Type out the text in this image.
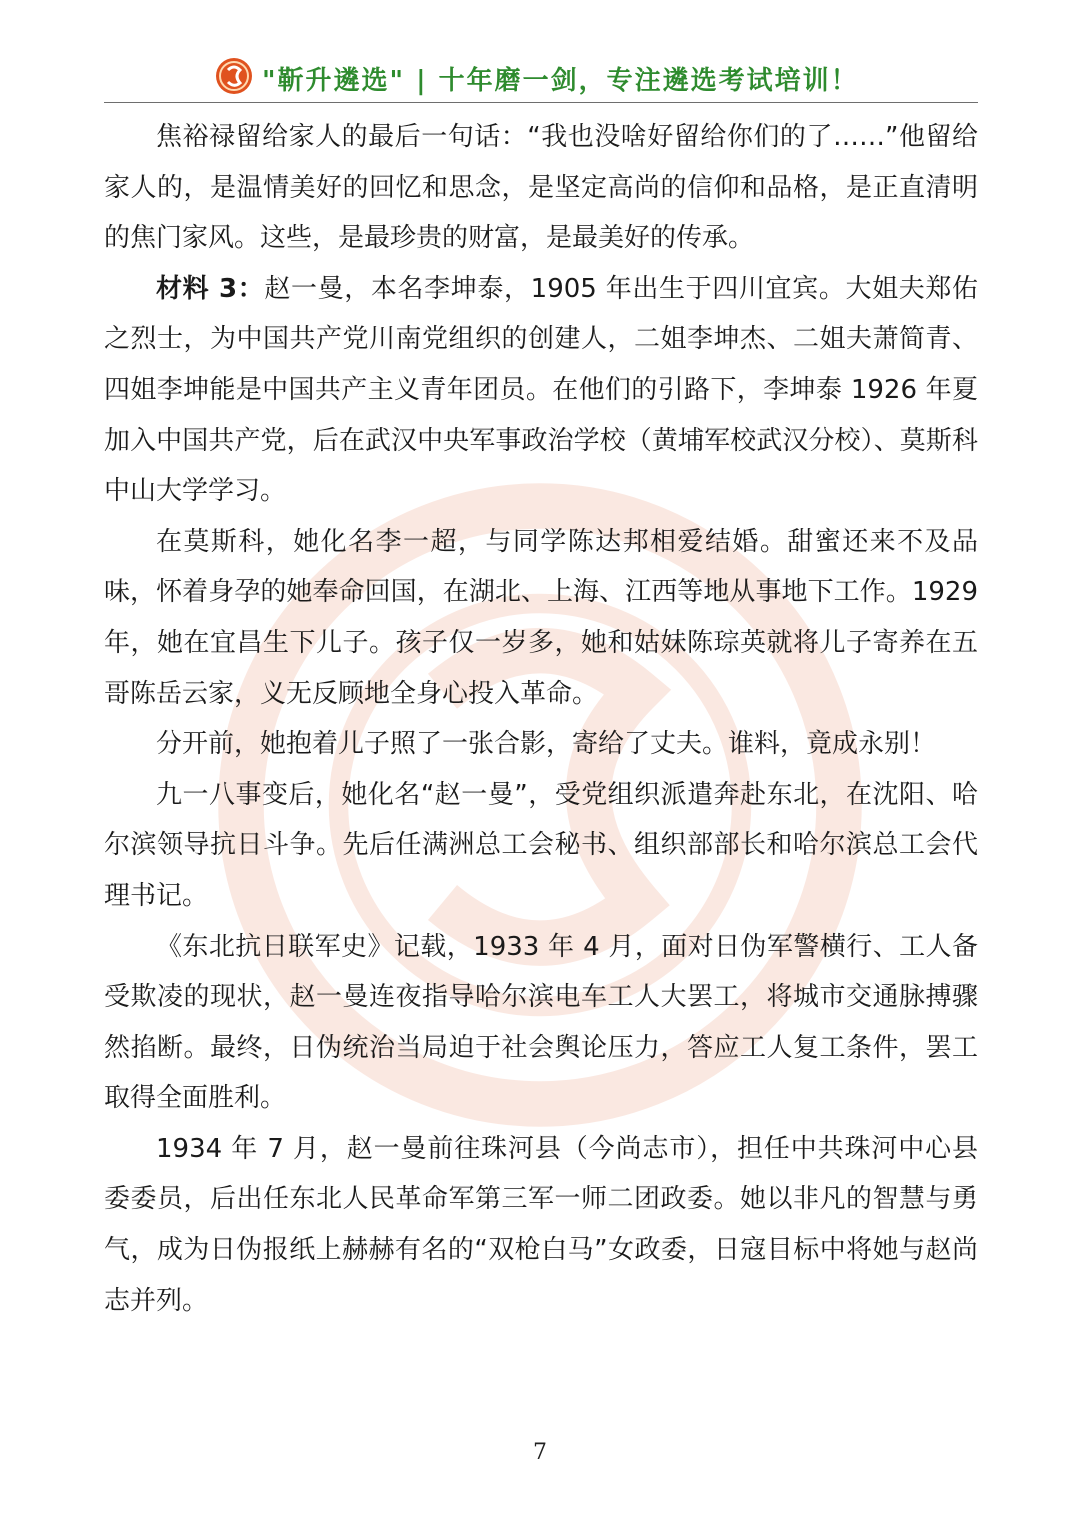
"靳升遴选" | 十年磨一剑，专注遴选考试培训！

焦裕禄留给家人的最后一句话：“我也没啥好留给你们的了……”他留给家人的，是温情美好的回忆和思念，是坚定高尚的信仰和品格，是正直清明的焦门家风。这些，是最珍贵的财富，是最美好的传承。

材料 3：赵一曼，本名李坤泰，1905 年出生于四川宜宾。大姐夫郑佑之烈士，为中国共产党川南党组织的创建人，二姐李坤杰、二姐夫萧简青、四姐李坤能是中国共产主义青年团员。在他们的引路下，李坤泰 1926 年夏加入中国共产党，后在武汉中央军事政治学校（黄埔军校武汉分校）、莫斯科中山大学学习。

在莫斯科，她化名李一超，与同学陈达邦相爱结婚。甜蜜还来不及品味，怀着身孕的她奉命回国，在湖北、上海、江西等地从事地下工作。1929 年，她在宜昌生下儿子。孩子仅一岁多，她和姑妹陈琮英就将儿子寄养在五哥陈岳云家，义无反顾地全身心投入革命。

分开前，她抱着儿子照了一张合影，寄给了丈夫。谁料，竟成永别！

九一八事变后，她化名“赵一曼”，受党组织派遣奔赴东北，在沈阳、哈尔滨领导抗日斗争。先后任满洲总工会秘书、组织部部长和哈尔滨总工会代理书记。

《东北抗日联军史》记载，1933 年 4 月，面对日伪军警横行、工人备受欺凌的现状，赵一曼连夜指导哈尔滨电车工人大罢工，将城市交通脉搏骤然掐断。最终，日伪统治当局迫于社会舆论压力，答应工人复工条件，罢工取得全面胜利。

1934 年 7 月，赵一曼前往珠河县（今尚志市），担任中共珠河中心县委委员，后出任东北人民革命军第三军一师二团政委。她以非凡的智慧与勇气，成为日伪报纸上赫赫有名的“双枪白马”女政委，日寇目标中将她与赵尚志并列。

7
